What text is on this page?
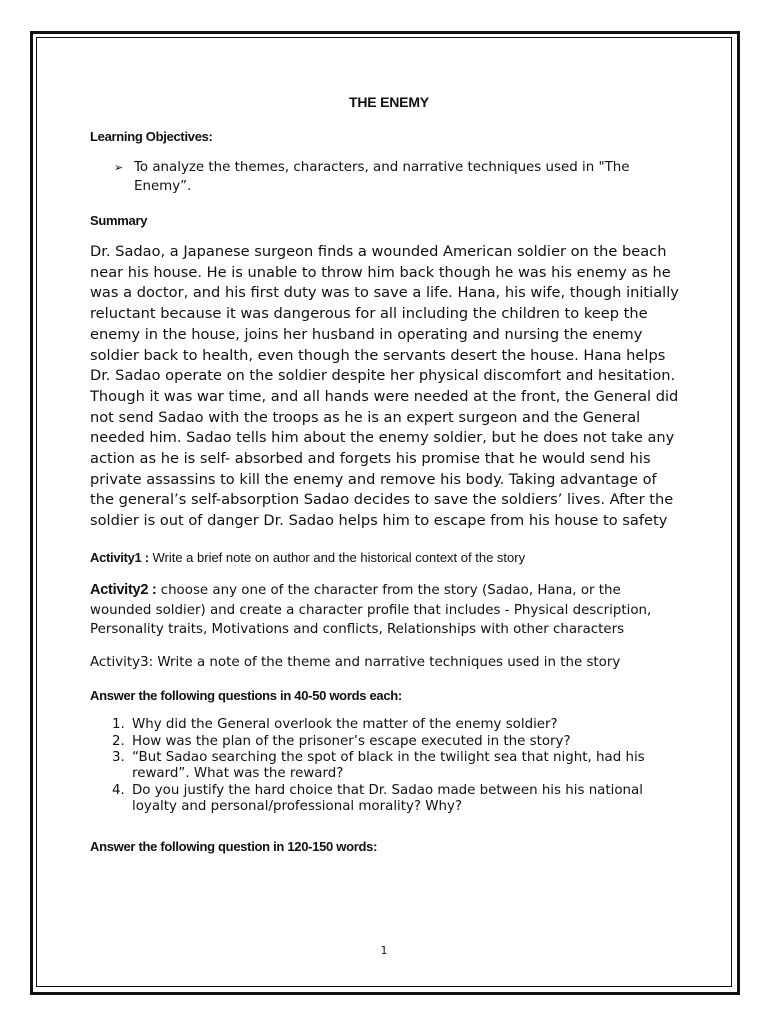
THE ENEMY
Learning Objectives:
➢ To analyze the themes, characters, and narrative techniques used in "The Enemy”.
Summary

Dr. Sadao, a Japanese surgeon finds a wounded American soldier on the beach near his house. He is unable to throw him back though he was his enemy as he was a doctor, and his first duty was to save a life. Hana, his wife, though initially reluctant because it was dangerous for all including the children to keep the enemy in the house, joins her husband in operating and nursing the enemy soldier back to health, even though the servants desert the house. Hana helps Dr. Sadao operate on the soldier despite her physical discomfort and hesitation. Though it was war time, and all hands were needed at the front, the General did not send Sadao with the troops as he is an expert surgeon and the General needed him. Sadao tells him about the enemy soldier, but he does not take any action as he is self- absorbed and forgets his promise that he would send his private assassins to kill the enemy and remove his body. Taking advantage of the general’s self-absorption Sadao decides to save the soldiers’ lives. After the soldier is out of danger Dr. Sadao helps him to escape from his house to safety

Activity1 : Write a brief note on author and the historical context of the story

Activity2 : choose any one of the character from the story (Sadao, Hana, or the wounded soldier) and create a character profile that includes - Physical description, Personality traits, Motivations and conflicts, Relationships with other characters

Activity3: Write a note of the theme and narrative techniques used in the story

Answer the following questions in 40-50 words each:
1. Why did the General overlook the matter of the enemy soldier?
2. How was the plan of the prisoner’s escape executed in the story?
3. “But Sadao searching the spot of black in the twilight sea that night, had his reward”. What was the reward?
4. Do you justify the hard choice that Dr. Sadao made between his his national loyalty and personal/professional morality? Why?
Answer the following question in 120-150 words:
1
